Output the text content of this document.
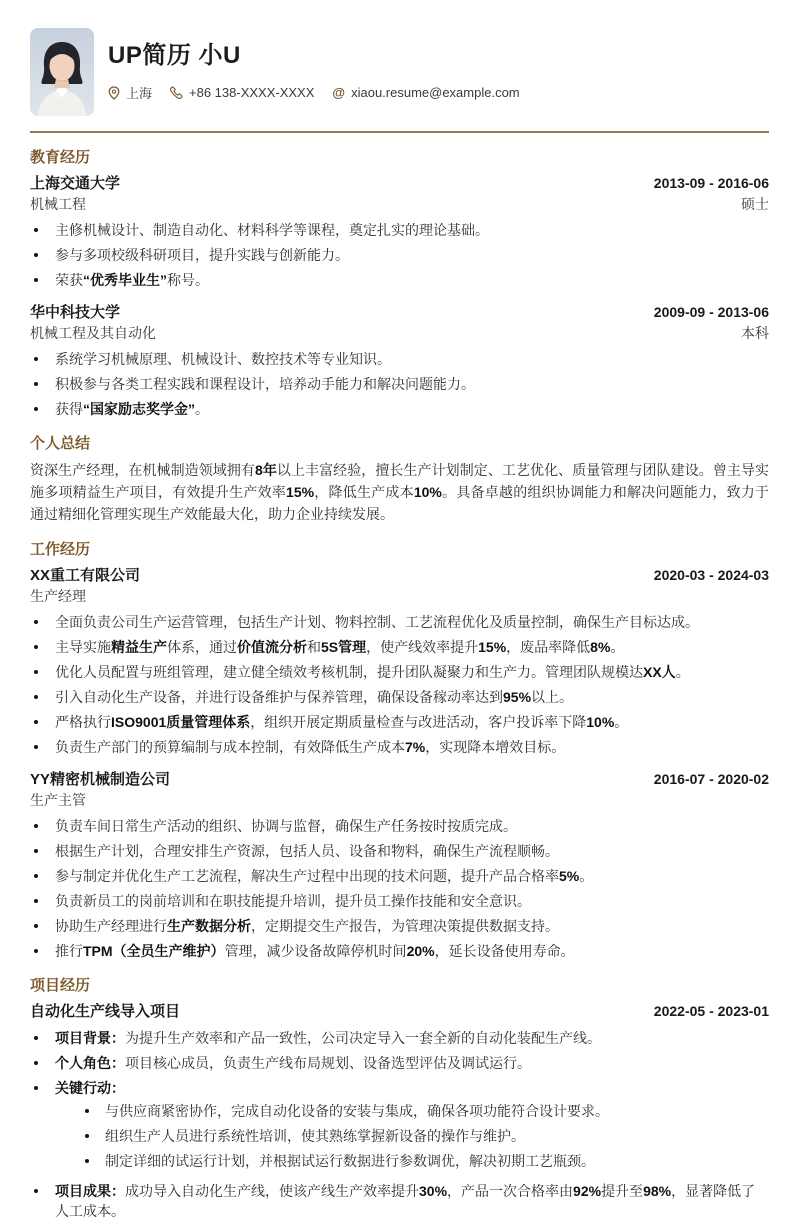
UP简历 小U
上海	+86 138-XXXX-XXXX @ xiaou.resume@example.com
教育经历
上海交通大学	2013-09 - 2016-06
机械工程	硕士
主修机械设计、制造自动化、材料科学等课程，奠定扎实的理论基础。
参与多项校级科研项目，提升实践与创新能力。
荣获“优秀毕业生”称号。
华中科技大学	2009-09 - 2013-06
机械工程及其自动化	本科
系统学习机械原理、机械设计、数控技术等专业知识。
积极参与各类工程实践和课程设计，培养动手能力和解决问题能力。
获得“国家励志奖学金”。
个人总结

资深生产经理，在机械制造领域拥有8年以上丰富经验，擅长生产计划制定、工艺优化、质量管理与团队建设。曾主导实施多项精益生产项目，有效提升生产效率15%，降低生产成本10%。具备卓越的组织协调能力和解决问题能力，致力于通过精细化管理实现生产效能最大化，助力企业持续发展。

工作经历
XX重工有限公司	2020-03 - 2024-03
生产经理
全面负责公司生产运营管理，包括生产计划、物料控制、工艺流程优化及质量控制，确保生产目标达成。
主导实施精益生产体系，通过价值流分析和5S管理，使产线效率提升15%，废品率降低8%。
优化人员配置与班组管理，建立健全绩效考核机制，提升团队凝聚力和生产力。管理团队规模达XX人。
引入自动化生产设备，并进行设备维护与保养管理，确保设备稼动率达到95%以上。
严格执行ISO9001质量管理体系，组织开展定期质量检查与改进活动，客户投诉率下降10%。
负责生产部门的预算编制与成本控制，有效降低生产成本7%，实现降本增效目标。
YY精密机械制造公司	2016-07 - 2020-02
生产主管
负责车间日常生产活动的组织、协调与监督，确保生产任务按时按质完成。
根据生产计划，合理安排生产资源，包括人员、设备和物料，确保生产流程顺畅。
参与制定并优化生产工艺流程，解决生产过程中出现的技术问题，提升产品合格率5%。
负责新员工的岗前培训和在职技能提升培训，提升员工操作技能和安全意识。
协助生产经理进行生产数据分析，定期提交生产报告，为管理决策提供数据支持。
推行TPM（全员生产维护）管理，减少设备故障停机时间20%，延长设备使用寿命。
项目经历
自动化生产线导入项目	2022-05 - 2023-01
项目背景：为提升生产效率和产品一致性，公司决定导入一套全新的自动化装配生产线。
个人角色：项目核心成员，负责生产线布局规划、设备选型评估及调试运行。
关键行动：
与供应商紧密协作，完成自动化设备的安装与集成，确保各项功能符合设计要求。
组织生产人员进行系统性培训，使其熟练掌握新设备的操作与维护。
制定详细的试运行计划，并根据试运行数据进行参数调优，解决初期工艺瓶颈。
项目成果：成功导入自动化生产线，使该产线生产效率提升30%，产品一次合格率由92%提升至98%，显著降低了人工成本。
